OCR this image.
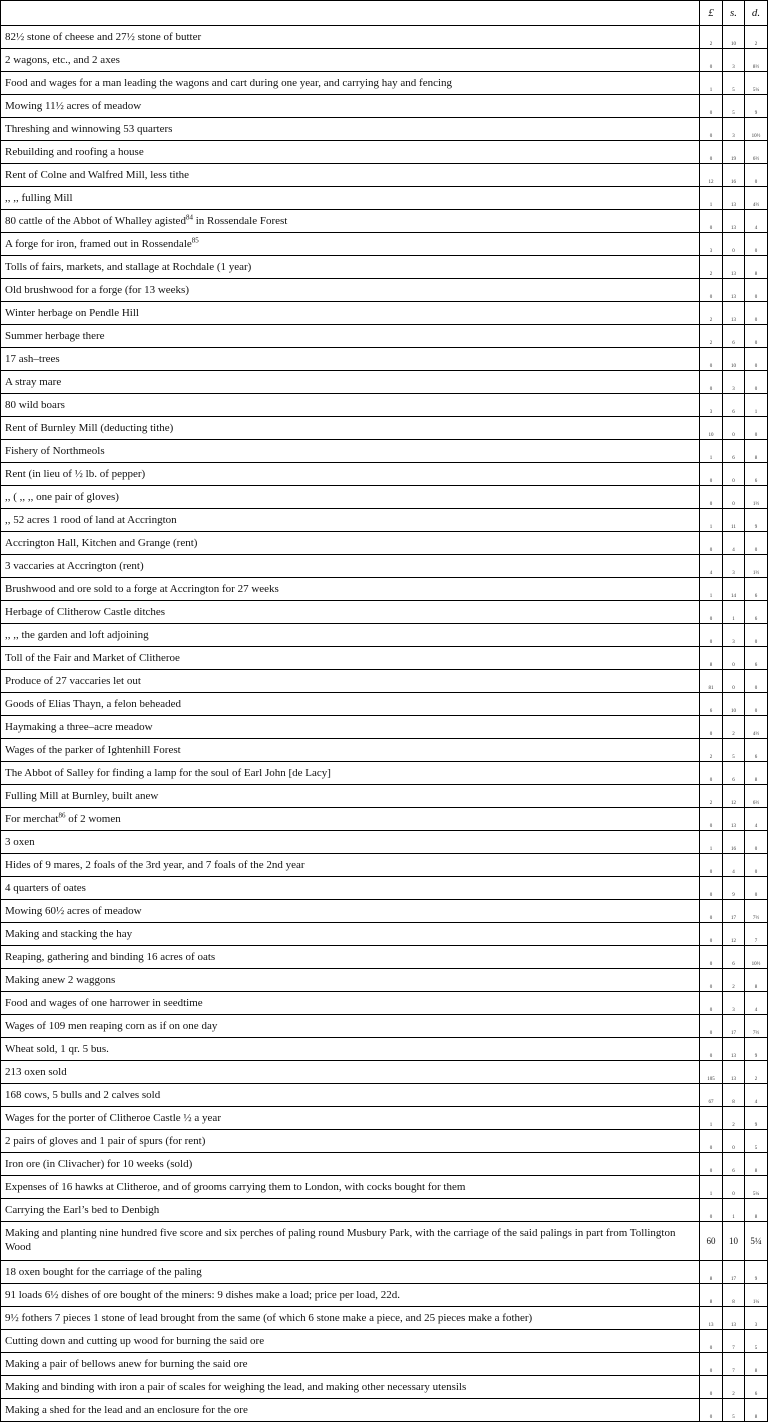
	£	s.	d.
82½ stone of cheese and 27½ stone of butter	2	10	2
2 wagons, etc., and 2 axes	0	3	8½
Food and wages for a man leading the wagons and cart during one year, and carrying hay and fencing	1	5	5¼
Mowing 11½ acres of meadow	0	5	9
Threshing and winnowing 53 quarters	0	3	10½
Rebuilding and roofing a house	0	19	6½
Rent of Colne and Walfred Mill, less tithe	12	16	0
,, ,, fulling Mill	1	13	4½
80 cattle of the Abbot of Whalley agisted$^{84}$ in Rossendale Forest	0	13	4
A forge for iron, framed out in Rossendale$^{85}$	3	0	0
Tolls of fairs, markets, and stallage at Rochdale (1 year)	2	13	8
Old brushwood for a forge (for 13 weeks)	0	13	0
Winter herbage on Pendle Hill	2	13	0
Summer herbage there	2	6	0
17 ash–trees	0	10	0
A stray mare	0	3	0
80 wild boars	3	6	1
Rent of Burnley Mill (deducting tithe)	10	0	0
Fishery of Northmeols	1	6	8
Rent (in lieu of ½ lb. of pepper)	0	0	6
,, ( ,, ,, one pair of gloves)	0	0	1½
,, 52 acres 1 rood of land at Accrington	1	11	9
Accrington Hall, Kitchen and Grange (rent)	0	4	0
3 vaccaries at Accrington (rent)	4	3	1½
Brushwood and ore sold to a forge at Accrington for 27 weeks	1	14	6
Herbage of Clitherow Castle ditches	0	1	6
,, ,, the garden and loft adjoining	0	3	0
Toll of the Fair and Market of Clitheroe	8	0	6
Produce of 27 vaccaries let out	81	0	0
Goods of Elias Thayn, a felon beheaded	6	10	0
Haymaking a three–acre meadow	0	2	4½
Wages of the parker of Ightenhill Forest	2	5	6
The Abbot of Salley for finding a lamp for the soul of Earl John [de Lacy]	0	6	8
Fulling Mill at Burnley, built anew	2	12	6½
For merchat$^{86}$ of 2 women	0	13	4
3 oxen	1	16	0
Hides of 9 mares, 2 foals of the 3rd year, and 7 foals of the 2nd year	0	4	0
4 quarters of oates	0	9	0
Mowing 60½ acres of meadow	0	17	7½
Making and stacking the hay	0	12	7
Reaping, gathering and binding 16 acres of oats	0	6	10½
Making anew 2 waggons	0	2	8
Food and wages of one harrower in seedtime	0	3	4
Wages of 109 men reaping corn as if on one day	0	17	7½
Wheat sold, 1 qr. 5 bus.	0	13	9
213 oxen sold	105	13	2
168 cows, 5 bulls and 2 calves sold	67	8	4
Wages for the porter of Clitheroe Castle ½ a year	1	2	9
2 pairs of gloves and 1 pair of spurs (for rent)	0	0	5
Iron ore (in Clivacher) for 10 weeks (sold)	0	6	8
Expenses of 16 hawks at Clitheroe, and of grooms carrying them to London, with cocks bought for them	1	0	5¼
Carrying the Earl’s bed to Denbigh	0	1	8
Making and planting nine hundred five score and six perches of paling round Musbury Park, with the carriage of the said palings in part from Tollington Wood	60	10	5¼
18 oxen bought for the carriage of the paling	8	17	9
91 loads 6½ dishes of ore bought of the miners: 9 dishes make a load; price per load, 22d.	8	8	1¼
9½ fothers 7 pieces 1 stone of lead brought from the same (of which 6 stone make a piece, and 25 pieces make a fother)	13	13	3
Cutting down and cutting up wood for burning the said ore	0	7	5
Making a pair of bellows anew for burning the said ore	0	7	8
Making and binding with iron a pair of scales for weighing the lead, and making other necessary utensils	0	2	6
Making a shed for the lead and an enclosure for the ore	0	5	8
